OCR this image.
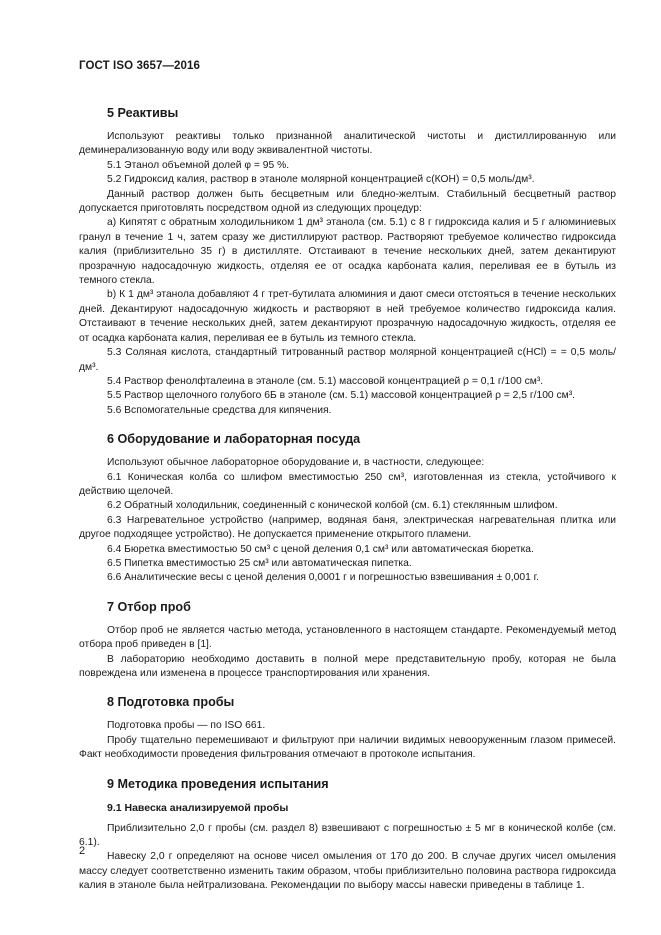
ГОСТ ISO 3657—2016
5 Реактивы

Используют реактивы только признанной аналитической чистоты и дистиллированную или деминерализованную воду или воду эквивалентной чистоты.

5.1 Этанол объемной долей φ = 95 %.

5.2 Гидроксид калия, раствор в этаноле молярной концентрацией c(КОН) = 0,5 моль/дм³.

Данный раствор должен быть бесцветным или бледно-желтым. Стабильный бесцветный раствор допускается приготовлять посредством одной из следующих процедур:

a) Кипятят с обратным холодильником 1 дм³ этанола (см. 5.1) с 8 г гидроксида калия и 5 г алюминиевых гранул в течение 1 ч, затем сразу же дистиллируют раствор. Растворяют требуемое количество гидроксида калия (приблизительно 35 г) в дистилляте. Отстаивают в течение нескольких дней, затем декантируют прозрачную надосадочную жидкость, отделяя ее от осадка карбоната калия, переливая ее в бутыль из темного стекла.

b) К 1 дм³ этанола добавляют 4 г трет-бутилата алюминия и дают смеси отстояться в течение нескольких дней. Декантируют надосадочную жидкость и растворяют в ней требуемое количество гидроксида калия. Отстаивают в течение нескольких дней, затем декантируют прозрачную надосадочную жидкость, отделяя ее от осадка карбоната калия, переливая ее в бутыль из темного стекла.

5.3 Соляная кислота, стандартный титрованный раствор молярной концентрацией c(HCl) = = 0,5 моль/дм³.

5.4 Раствор фенолфталеина в этаноле (см. 5.1) массовой концентрацией ρ = 0,1 г/100 см³.

5.5 Раствор щелочного голубого 6Б в этаноле (см. 5.1) массовой концентрацией ρ = 2,5 г/100 см³.

5.6 Вспомогательные средства для кипячения.

6 Оборудование и лабораторная посуда

Используют обычное лабораторное оборудование и, в частности, следующее:

6.1 Коническая колба со шлифом вместимостью 250 см³, изготовленная из стекла, устойчивого к действию щелочей.

6.2 Обратный холодильник, соединенный с конической колбой (см. 6.1) стеклянным шлифом.

6.3 Нагревательное устройство (например, водяная баня, электрическая нагревательная плитка или другое подходящее устройство). Не допускается применение открытого пламени.

6.4 Бюретка вместимостью 50 см³ с ценой деления 0,1 см³ или автоматическая бюретка.

6.5 Пипетка вместимостью 25 см³ или автоматическая пипетка.

6.6 Аналитические весы с ценой деления 0,0001 г и погрешностью взвешивания ± 0,001 г.

7 Отбор проб

Отбор проб не является частью метода, установленного в настоящем стандарте. Рекомендуемый метод отбора проб приведен в [1].

В лабораторию необходимо доставить в полной мере представительную пробу, которая не была повреждена или изменена в процессе транспортирования или хранения.

8 Подготовка пробы

Подготовка пробы — по ISO 661.

Пробу тщательно перемешивают и фильтруют при наличии видимых невооруженным глазом примесей. Факт необходимости проведения фильтрования отмечают в протоколе испытания.

9 Методика проведения испытания
9.1 Навеска анализируемой пробы

Приблизительно 2,0 г пробы (см. раздел 8) взвешивают с погрешностью ± 5 мг в конической колбе (см. 6.1).

Навеску 2,0 г определяют на основе чисел омыления от 170 до 200. В случае других чисел омыления массу следует соответственно изменить таким образом, чтобы приблизительно половина раствора гидроксида калия в этаноле была нейтрализована. Рекомендации по выбору массы навески приведены в таблице 1.

2
